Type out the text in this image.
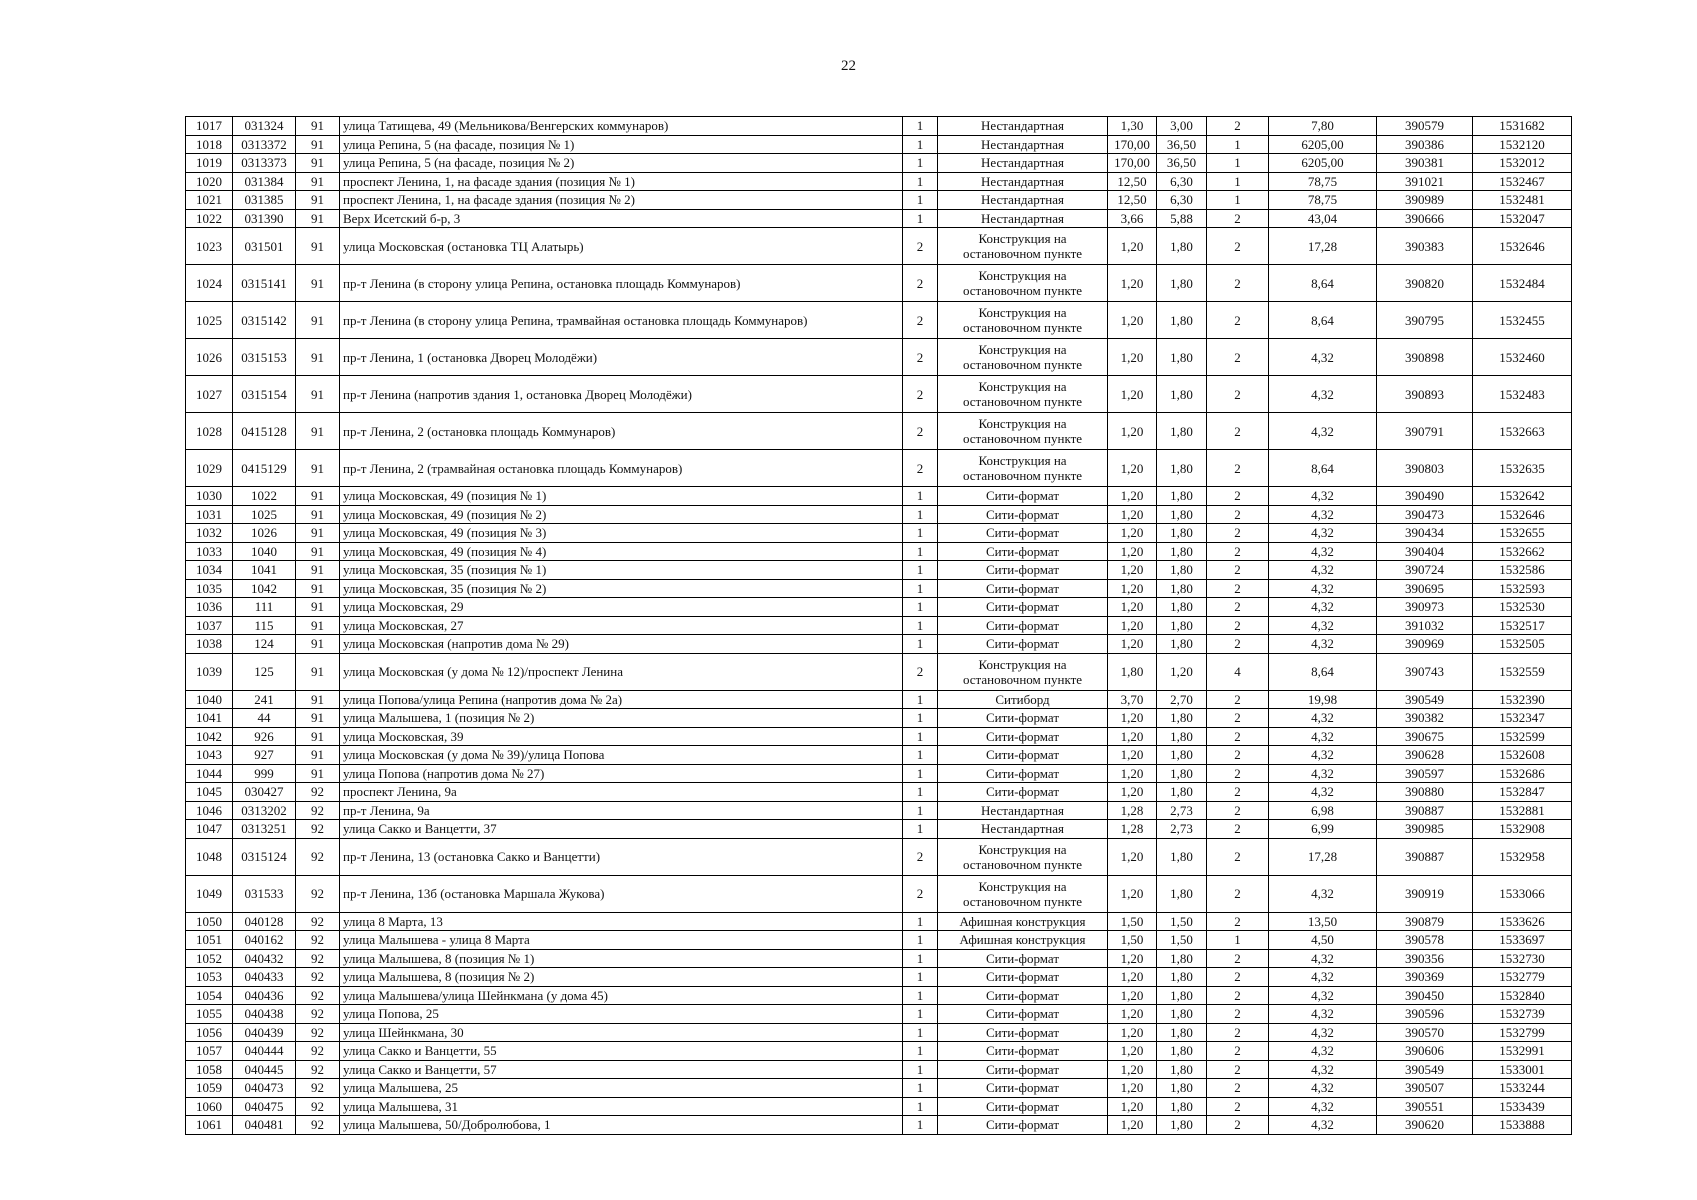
22
1017	031324	91	улица Татищева, 49 (Мельникова/Венгерских коммунаров)	1	Нестандартная	1,30	3,00	2	7,80	390579	1531682
1018	0313372	91	улица Репина, 5 (на фасаде, позиция № 1)	1	Нестандартная	170,00	36,50	1	6205,00	390386	1532120
1019	0313373	91	улица Репина, 5 (на фасаде, позиция № 2)	1	Нестандартная	170,00	36,50	1	6205,00	390381	1532012
1020	031384	91	проспект Ленина, 1, на фасаде здания (позиция № 1)	1	Нестандартная	12,50	6,30	1	78,75	391021	1532467
1021	031385	91	проспект Ленина, 1, на фасаде здания (позиция № 2)	1	Нестандартная	12,50	6,30	1	78,75	390989	1532481
1022	031390	91	Верх Исетский б-р, 3	1	Нестандартная	3,66	5,88	2	43,04	390666	1532047
1023	031501	91	улица Московская (остановка ТЦ Алатырь)	2	Конструкция на остановочном пункте	1,20	1,80	2	17,28	390383	1532646
1024	0315141	91	пр-т Ленина (в сторону улица Репина, остановка площадь Коммунаров)	2	Конструкция на остановочном пункте	1,20	1,80	2	8,64	390820	1532484
1025	0315142	91	пр-т Ленина (в сторону улица Репина, трамвайная остановка площадь Коммунаров)	2	Конструкция на остановочном пункте	1,20	1,80	2	8,64	390795	1532455
1026	0315153	91	пр-т Ленина, 1 (остановка Дворец Молодёжи)	2	Конструкция на остановочном пункте	1,20	1,80	2	4,32	390898	1532460
1027	0315154	91	пр-т Ленина (напротив здания 1, остановка Дворец Молодёжи)	2	Конструкция на остановочном пункте	1,20	1,80	2	4,32	390893	1532483
1028	0415128	91	пр-т Ленина, 2 (остановка площадь Коммунаров)	2	Конструкция на остановочном пункте	1,20	1,80	2	4,32	390791	1532663
1029	0415129	91	пр-т Ленина, 2 (трамвайная остановка площадь Коммунаров)	2	Конструкция на остановочном пункте	1,20	1,80	2	8,64	390803	1532635
1030	1022	91	улица Московская, 49 (позиция № 1)	1	Сити-формат	1,20	1,80	2	4,32	390490	1532642
1031	1025	91	улица Московская, 49 (позиция № 2)	1	Сити-формат	1,20	1,80	2	4,32	390473	1532646
1032	1026	91	улица Московская, 49 (позиция № 3)	1	Сити-формат	1,20	1,80	2	4,32	390434	1532655
1033	1040	91	улица Московская, 49 (позиция № 4)	1	Сити-формат	1,20	1,80	2	4,32	390404	1532662
1034	1041	91	улица Московская, 35 (позиция № 1)	1	Сити-формат	1,20	1,80	2	4,32	390724	1532586
1035	1042	91	улица Московская, 35 (позиция № 2)	1	Сити-формат	1,20	1,80	2	4,32	390695	1532593
1036	111	91	улица Московская, 29	1	Сити-формат	1,20	1,80	2	4,32	390973	1532530
1037	115	91	улица Московская, 27	1	Сити-формат	1,20	1,80	2	4,32	391032	1532517
1038	124	91	улица Московская (напротив дома № 29)	1	Сити-формат	1,20	1,80	2	4,32	390969	1532505
1039	125	91	улица Московская (у дома № 12)/проспект Ленина	2	Конструкция на остановочном пункте	1,80	1,20	4	8,64	390743	1532559
1040	241	91	улица Попова/улица Репина (напротив дома № 2а)	1	Ситиборд	3,70	2,70	2	19,98	390549	1532390
1041	44	91	улица Малышева, 1 (позиция № 2)	1	Сити-формат	1,20	1,80	2	4,32	390382	1532347
1042	926	91	улица Московская, 39	1	Сити-формат	1,20	1,80	2	4,32	390675	1532599
1043	927	91	улица Московская (у дома № 39)/улица Попова	1	Сити-формат	1,20	1,80	2	4,32	390628	1532608
1044	999	91	улица Попова (напротив дома № 27)	1	Сити-формат	1,20	1,80	2	4,32	390597	1532686
1045	030427	92	проспект Ленина, 9а	1	Сити-формат	1,20	1,80	2	4,32	390880	1532847
1046	0313202	92	пр-т Ленина, 9а	1	Нестандартная	1,28	2,73	2	6,98	390887	1532881
1047	0313251	92	улица Сакко и Ванцетти, 37	1	Нестандартная	1,28	2,73	2	6,99	390985	1532908
1048	0315124	92	пр-т Ленина, 13 (остановка Сакко и Ванцетти)	2	Конструкция на остановочном пункте	1,20	1,80	2	17,28	390887	1532958
1049	031533	92	пр-т Ленина, 13б (остановка Маршала Жукова)	2	Конструкция на остановочном пункте	1,20	1,80	2	4,32	390919	1533066
1050	040128	92	улица 8 Марта, 13	1	Афишная конструкция	1,50	1,50	2	13,50	390879	1533626
1051	040162	92	улица Малышева - улица 8 Марта	1	Афишная конструкция	1,50	1,50	1	4,50	390578	1533697
1052	040432	92	улица Малышева, 8 (позиция № 1)	1	Сити-формат	1,20	1,80	2	4,32	390356	1532730
1053	040433	92	улица Малышева, 8 (позиция № 2)	1	Сити-формат	1,20	1,80	2	4,32	390369	1532779
1054	040436	92	улица Малышева/улица Шейнкмана (у дома 45)	1	Сити-формат	1,20	1,80	2	4,32	390450	1532840
1055	040438	92	улица Попова, 25	1	Сити-формат	1,20	1,80	2	4,32	390596	1532739
1056	040439	92	улица Шейнкмана, 30	1	Сити-формат	1,20	1,80	2	4,32	390570	1532799
1057	040444	92	улица Сакко и Ванцетти, 55	1	Сити-формат	1,20	1,80	2	4,32	390606	1532991
1058	040445	92	улица Сакко и Ванцетти, 57	1	Сити-формат	1,20	1,80	2	4,32	390549	1533001
1059	040473	92	улица Малышева, 25	1	Сити-формат	1,20	1,80	2	4,32	390507	1533244
1060	040475	92	улица Малышева, 31	1	Сити-формат	1,20	1,80	2	4,32	390551	1533439
1061	040481	92	улица Малышева, 50/Добролюбова, 1	1	Сити-формат	1,20	1,80	2	4,32	390620	1533888
